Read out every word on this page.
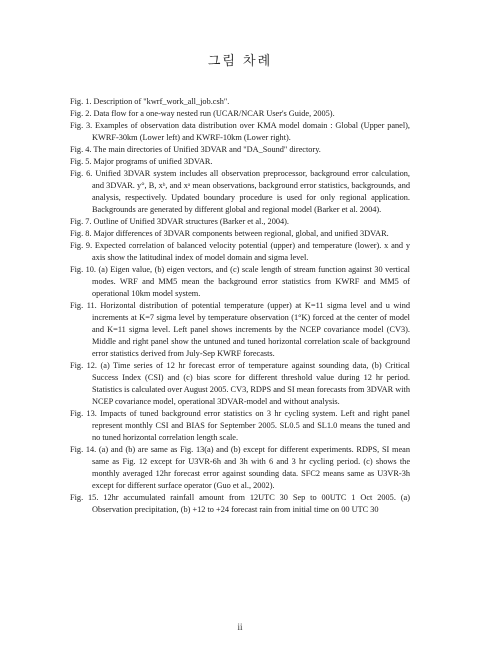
그림 차례

Fig. 1. Description of "kwrf_work_all_job.csh".

Fig. 2. Data flow for a one-way nested run (UCAR/NCAR User's Guide, 2005).

Fig. 3. Examples of observation data distribution over KMA model domain : Global (Upper panel), KWRF-30km (Lower left) and KWRF-10km (Lower right).

Fig. 4. The main directories of Unified 3DVAR and "DA_Sound" directory.

Fig. 5. Major programs of unified 3DVAR.

Fig. 6. Unified 3DVAR system includes all observation preprocessor, background error calculation, and 3DVAR. y°, B, xᵇ, and xᵃ mean observations, background error statistics, backgrounds, and analysis, respectively. Updated boundary procedure is used for only regional application. Backgrounds are generated by different global and regional model (Barker et al. 2004).

Fig. 7. Outline of Unified 3DVAR structures (Barker et al., 2004).

Fig. 8. Major differences of 3DVAR components between regional, global, and unified 3DVAR.

Fig. 9. Expected correlation of balanced velocity potential (upper) and temperature (lower). x and y axis show the latitudinal index of model domain and sigma level.

Fig. 10. (a) Eigen value, (b) eigen vectors, and (c) scale length of stream function against 30 vertical modes. WRF and MM5 mean the background error statistics from KWRF and MM5 of operational 10km model system.

Fig. 11. Horizontal distribution of potential temperature (upper) at K=11 sigma level and u wind increments at K=7 sigma level by temperature observation (1°K) forced at the center of model and K=11 sigma level. Left panel shows increments by the NCEP covariance model (CV3). Middle and right panel show the untuned and tuned horizontal correlation scale of background error statistics derived from July-Sep KWRF forecasts.

Fig. 12. (a) Time series of 12 hr forecast error of temperature against sounding data, (b) Critical Success Index (CSI) and (c) bias score for different threshold value during 12 hr period. Statistics is calculated over August 2005. CV3, RDPS and SI mean forecasts from 3DVAR with NCEP covariance model, operational 3DVAR-model and without analysis.

Fig. 13. Impacts of tuned background error statistics on 3 hr cycling system. Left and right panel represent monthly CSI and BIAS for September 2005. SL0.5 and SL1.0 means the tuned and no tuned horizontal correlation length scale.

Fig. 14. (a) and (b) are same as Fig. 13(a) and (b) except for different experiments. RDPS, SI mean same as Fig. 12 except for U3VR-6h and 3h with 6 and 3 hr cycling period. (c) shows the monthly averaged 12hr forecast error against sounding data. SFC2 means same as U3VR-3h except for different surface operator (Guo et al., 2002).

Fig. 15. 12hr accumulated rainfall amount from 12UTC 30 Sep to 00UTC 1 Oct 2005. (a) Observation precipitation, (b) +12 to +24 forecast rain from initial time on 00 UTC 30

ii
